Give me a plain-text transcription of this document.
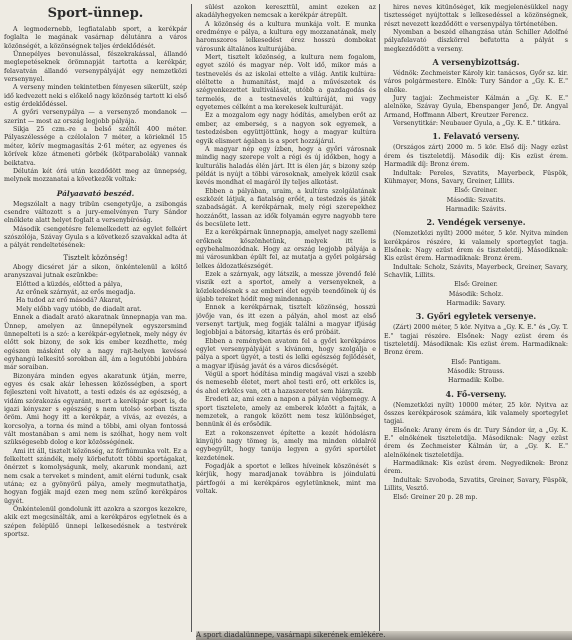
Sport-ünnep.

A legmodernebb, legfiatalabb sport, a kerékpár foglalta le magának vasárnap délutánra a város közönségét, a közönségnek teljes érdeklődését.

Ünnepélyes bevonulással, fészekrakással, állandó meglepetéseknek örömnapját tartotta a kerékpár, felavatván állandó versenypályáját egy nemzetközi versenynyel.

A verseny minden tekintetben fényesen sikerült, szép idő kedvezett neki s előkelő nagy közönség tartott ki első estig érdeklődéssel.

A győri versenypálya — a versenyző mondanok — szerint — most az ország legjobb pályája.

Sikja 25 czm.-re a belső széltől 400 méter. Pályaszélessége a czélolalon 7 méter, a körieknél 15 méter, körív megmagasítás 2·61 méter, az egyenes és körívek köze átmeneti görbék (kötparabolák) vannak beiktatva.

Délután két órá után kezdődött meg az ünnepség, melynek mozzanatai a következők voltak:

Pályaavató beszéd.

Megszólalt a nagy tribün csengetyűje, a zsibongás csendre változott s a jury-emelvényen Tury Sándor elnöklete alatt helyet foglalt a versenybíróság.

Második csengetésre felemelkedett az egylet felkért szószólója, Szávay Gyula s a következő szavakkal adta át a pályát rendeltetésének:

Tisztelt közönség!

Abogy dicséret jár a sikon, önkéntelenül a költő aranyszavai jutnak eszünkbe:

Előtted a küzdés, előtted a pálya,

Az erőnek szárnyát, az erős megadja.

Ha tudod az erő másodá? Akarat,

Mely előbb vagy utóbb, de diadalt arat.

Ennek a diadalt arató akaratnak ünnepnapja van ma. Ünnep, amelyen az ünnepélynek egyszersmind ünnepelteti is a szó: a kerékpár-egyletnek, mely négy év előtt sok bizony, de sok kis ember kezdhette, még egészen másként oly a nagy rajt-helyen kevéssé egyhangú lelkesítő sorokban áll, ám a legutóbbi jobbára már soraiban.

Bizonyára minden egyes akaratunk útján, merre, egyes és csak akár lehessen közösségben, a sport fejleszteni volt hivatott, a testi edzés és az egészség, a vidám szórakozás egyaránt, mert a kerékpár sport is, de igazi kényszer s egészség s nem utolsó sorban tiszta öröm. Ami hogy itt a kerékpár, a vívás, az evezés, a korcsolya, a torna és mind a többi, ami olyan fontossá vált mostanában s ami nem is szólhat, hogy nem volt szükségesebb dolog e kor közösségének.

Ami itt áll, tisztelt közönség, az férfiúmunka volt. Ez a felkeltett szándék, mely körbefutott többi sportágakat, önérzet s komolyságunk, mely, akarunk mondani, azt nem csak a terveket s mindent, amit elérni tudunk, csak utána; ez a gyönyörű pálya, amely megmutathatja, hogyan fogják majd ezen meg nem szűnő kerékpáros ügyét.

Önkéntelenül gondolunk itt azokra a szorgos kezekre, akik ezt megcsinálták, ami a kerékpáros egyletnek és a szépen felépülő ünnepi lelkesedésnek a testvérek sportsz.

sülést azokon kereszttül, amint ezeken az akadályhegyeken nemcsak a kerékpár átrepült.

A közönség és a kultura munkája volt. E munka eredménye e pálya, a kultura egy mozzanatának, mely haromszoros lelkesedést érez hosszú dombokat városunk általános kulturájába.

Mert, tisztelt közönség, a kultura nem fogalom, egyet szóló és magyar nép. Volt idő, mikor más a testnevelés és az iskolai ettelte a világ. Antik kultúra: eléltette a humanitást, majd a művészetek és szégyenkezettet kultiválását, utóbb a gazdagodás és termelés, de a testnevelés kultúráját, mi vagy egyetemes célként a ma kerekesek kulturáját.

Ez a mozgalom egy nagy hódítás, amelyben erőt az ember, az emberség, s a nagyon sok egyemek, a testedzésben együttjöttünk, hogy a magyar kultúra egyik elismert ágában is a sport hozzájárul.

A magyar nép egy ízben, hogy a győri városnak mindig nagy szerepe volt a régi és új időkben, hogy a kulturális haladás élén járt. Itt is élen jár, s bizony szép példát is nyújt a többi városoknak, amelyek közül csak kevés mondhat el magáról ily teljes alkotást.

Ebben a pályában, uraim, a kultúra szolgálatának eszközét látjuk, a fiatalság erőét, a testedzés és játék szabadságát. A kerékpárnak, mely régi szerepekhez hozzánőtt, lassan az idők folyamán egyre nagyobb tere és becsülete lett.

Ez a kerékpárnak ünnepnapja, amelyet nagy szellemi erőknek köszönhetünk, melyek itt is egybehalmozódnak. Hogy az ország legjobb pályája a mi városunkban épült fel, az mutatja a győri polgárság lelkes áldozatkészségét.

Ezek a szárnyak, agy látszik, a messze jövendő felé viszik ezt a sportot, amely a versenyeknek, a közlekedésnek s az emberi élet egyéb teendőinek új és újabb tereket hódít meg mindennap.

Ennek a kerékpárnak, tisztelt közönség, hosszú jövője van, és itt ezen a pályán, ahol most az első versenyt tartjuk, meg fogják találni a magyar ifjúság legjobbjai a bátorság, kitartás és erő próbáit.

Ebben a reményben avatom fel a győri kerékpáros egylet versenypályáját s kívánom, hogy szolgálja e pálya a sport ügyét, a testi és lelki egészség fejlődését, a magyar ifjúság javát és a város dicsőségét.

Végül a sport hódítása mindig magával viszi a szebb és nemesebb életet, mert ahol testi erő, ott erkölcs is, és ahol erkölcs van, ott a hazaszeretet sem hiányzik.

Eredeti az, ami ezen a napon a pályán végbemegy. A sport tisztelete, amely az emberek között a fajták, a nemzetek, a rangok között nem tesz különbséget, bennünk él és erősödik.

Ezt a rokonszenvet építette a kezét hódolásra kinyújtó nagy tömeg is, amely ma minden oldalról egybegyűlt, hogy tanúja legyen a győri sportélet kezdetének.

Fogadják a sportot e lelkes híveinek köszönését s kérjük, hogy maradjanak továbbra is jóindulatú pártfogói a mi kerékpáros egyletünknek, mint ma voltak.

hires neves kitűnőséget, kik megjelenésükkel nagy tisztességet nyújtottak s lelkesedéssel a közönségnek, részt nevezett kezdődött e versenypálya történetében.

Nyomban a beszéd elhangzása után Schiller Adolfné pályafelavató díszkörrel befutotta a pályát s megkezdődött a verseny.

A versenybizottság.

Védnök: Zechmeister Károly kir. tanácsos, Győr sz. kir. város polgármestere. Elnök: Tury Sándor a „Gy. K. E." elnöke.

Jury tagjai: Zechmeister Kálmán a „Gy. K. E." alelnöke, Szávay Gyula, Ebenspanger Jenő, Dr. Angyal Armand, Hoffmann Albert, Kreutzer Ferencz.

Versenytitkár: Neubauer Gyula, a „Gy. K. E." titkára.

1. Felavató verseny.

(Országos zárt) 2000 m. 5 kör. Első díj: Nagy ezüst érem és tiszteletdíj. Második díj: Kis ezüst érem. Harmadik díj: Bronz érem.

Indultak: Pereles, Szvatits, Mayerbeck, Füspök, Kühmayer, Mons, Savary, Greiner, Lillits.

Első: Greiner.

Második: Szvatits.

Harmadik: Szávits.

2. Vendégek versenye.

(Nemzetközi nyílt) 2000 méter, 5 kör. Nyitva minden kerékpáros részére, ki valamely sportegylet tagja. Elsőnek: Nagy ezüst érem és tiszteletdíj. Másodiknak: Kis ezüst érem. Harmadiknak: Bronz érem.

Indultak: Scholz, Szávits, Mayerbeck, Greiner, Savary, Schavlik, Lillits.

Első: Greiner.

Második: Scholz.

Harmadik: Savary.

3. Győri egyletek versenye.

(Zárt) 2000 méter, 5 kör. Nyitva a „Gy. K. E." és „Gy. T. E." tagjai részére. Elsőnek: Nagy ezüst érem és tiszteletdíj. Másodiknak: Kis ezüst érem. Harmadiknak: Bronz érem.

Első: Pantigam.

Második: Strauss.

Harmadik: Kolbe.

4. Fő-verseny.

(Nemzetközi nyílt) 10000 méter, 25 kör. Nyitva az összes kerékpárosok számára, kik valamely sportegylet tagjai.

Elsőnek: Arany érem és dr. Tury Sándor úr, a „Gy. K. E." elnökének tiszteletdíja. Másodiknak: Nagy ezüst érem és Zechmeister Kálmán úr, a „Gy. K. E." alelnökének tiszteletdíja.

Harmadiknak: Kis ezüst érem. Negyediknek: Bronz érem.

Indultak: Szvoboda, Szvatits, Greiner, Savary, Füspök, Lillits, Vesztő.

Első: Greiner 20 p. 28 mp.

A sport diadalünnepe, vasárnapi sikerének emlékére.
